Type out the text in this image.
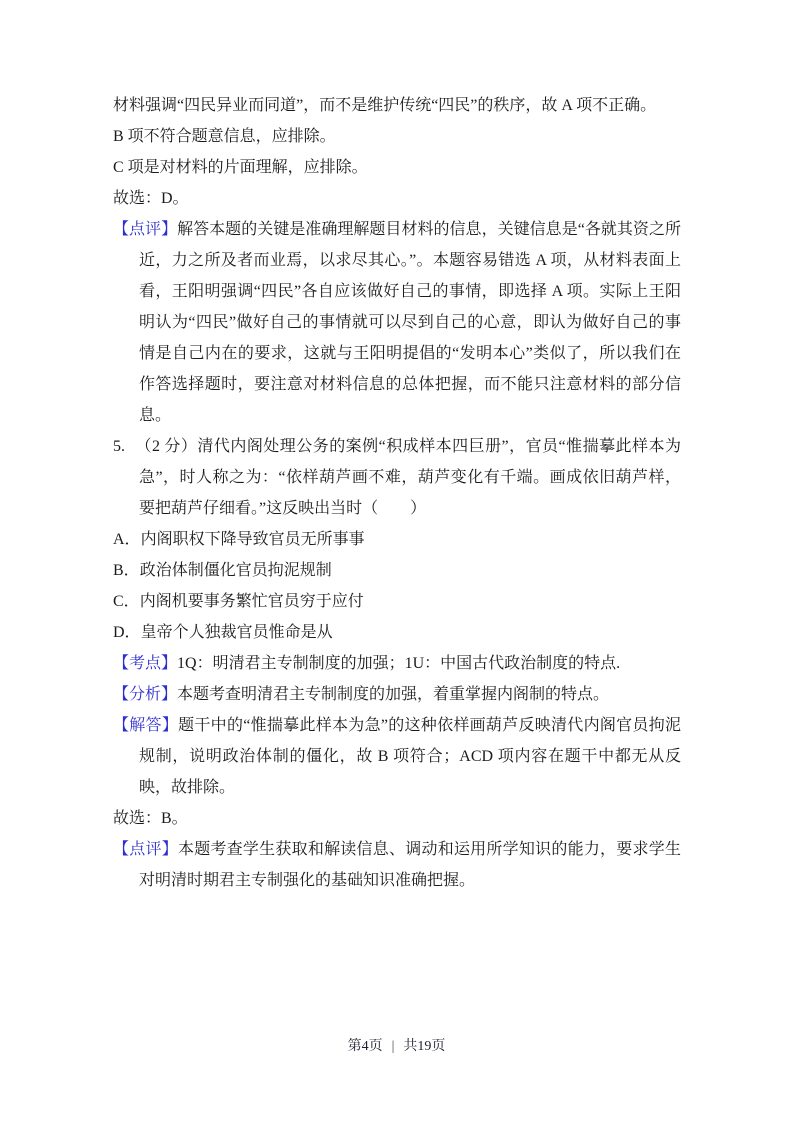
材料强调“四民异业而同道”，而不是维护传统“四民”的秩序，故 A 项不正确。

B 项不符合题意信息，应排除。

C 项是对材料的片面理解，应排除。

故选：D。

【点评】解答本题的关键是准确理解题目材料的信息，关键信息是“各就其资之所近，力之所及者而业焉，以求尽其心。”。本题容易错选 A 项，从材料表面上看，王阳明强调“四民”各自应该做好自己的事情，即选择 A 项。实际上王阳明认为“四民”做好自己的事情就可以尽到自己的心意，即认为做好自己的事情是自己内在的要求，这就与王阳明提倡的“发明本心”类似了，所以我们在作答选择题时，要注意对材料信息的总体把握，而不能只注意材料的部分信息。

5. （2 分）清代内阁处理公务的案例“积成样本四巨册”，官员“惟揣摹此样本为急”，时人称之为：“依样葫芦画不难，葫芦变化有千端。画成依旧葫芦样，要把葫芦仔细看。”这反映出当时（　　）

A．内阁职权下降导致官员无所事事

B．政治体制僵化官员拘泥规制

C．内阁机要事务繁忙官员穷于应付

D．皇帝个人独裁官员惟命是从

【考点】1Q：明清君主专制制度的加强；1U：中国古代政治制度的特点.

【分析】本题考查明清君主专制制度的加强，着重掌握内阁制的特点。

【解答】题干中的“惟揣摹此样本为急”的这种依样画葫芦反映清代内阁官员拘泥规制，说明政治体制的僵化，故 B 项符合；ACD 项内容在题干中都无从反映，故排除。

故选：B。

【点评】本题考查学生获取和解读信息、调动和运用所学知识的能力，要求学生对明清时期君主专制强化的基础知识准确把握。

第4页 | 共19页
